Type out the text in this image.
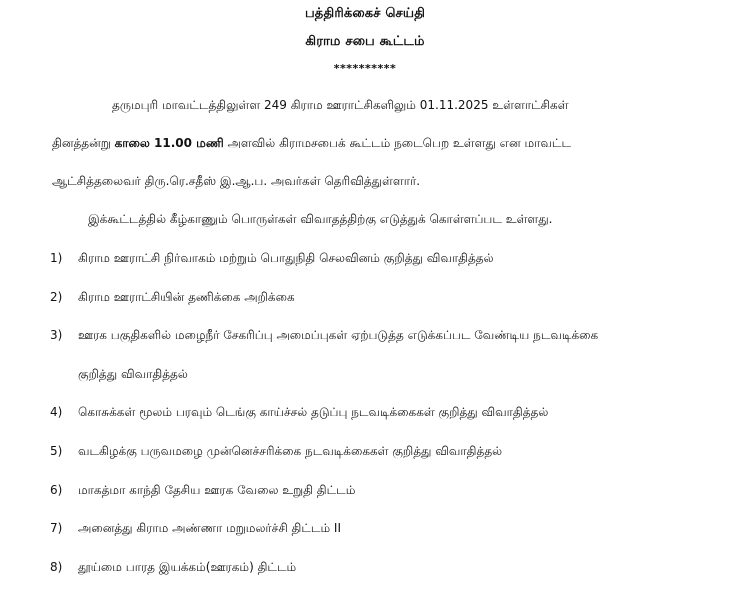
பத்திரிக்கைச் செய்தி
கிராம சபை கூட்டம்
**********
தருமபுரி மாவட்டத்திலுள்ள 249 கிராம ஊராட்சிகளிலும் 01.11.2025 உள்ளாட்சிகள்
தினத்தன்று காலை 11.00 மணி அளவில் கிராமசபைக் கூட்டம் நடைபெற உள்ளது என மாவட்ட
ஆட்சித்தலைவர் திரு.ரெ.சதீஸ் இ.ஆ.ப. அவர்கள் தெரிவித்துள்ளார்.
இக்கூட்டத்தில் கீழ்காணும் பொருள்கள் விவாதத்திற்கு எடுத்துக் கொள்ளப்பட உள்ளது.
1) கிராம ஊராட்சி நிர்வாகம் மற்றும் பொதுநிதி செலவினம் குறித்து விவாதித்தல்
2) கிராம ஊராட்சியின் தணிக்கை அறிக்கை
3) ஊரக பகுதிகளில் மழைநீர் சேகரிப்பு அமைப்புகள் ஏற்படுத்த எடுக்கப்பட வேண்டிய நடவடிக்கை
குறித்து விவாதித்தல்
4) கொசுக்கள் மூலம் பரவும் டெங்கு காய்ச்சல் தடுப்பு நடவடிக்கைகள் குறித்து விவாதித்தல்
5) வடகிழக்கு பருவமழை முன்னெச்சரிக்கை நடவடிக்கைகள் குறித்து விவாதித்தல்
6) மாகத்மா காந்தி தேசிய ஊரக வேலை உறுதி திட்டம்
7) அனைத்து கிராம அண்ணா மறுமலர்ச்சி திட்டம் II
8) தூய்மை பாரத இயக்கம்(ஊரகம்) திட்டம்
